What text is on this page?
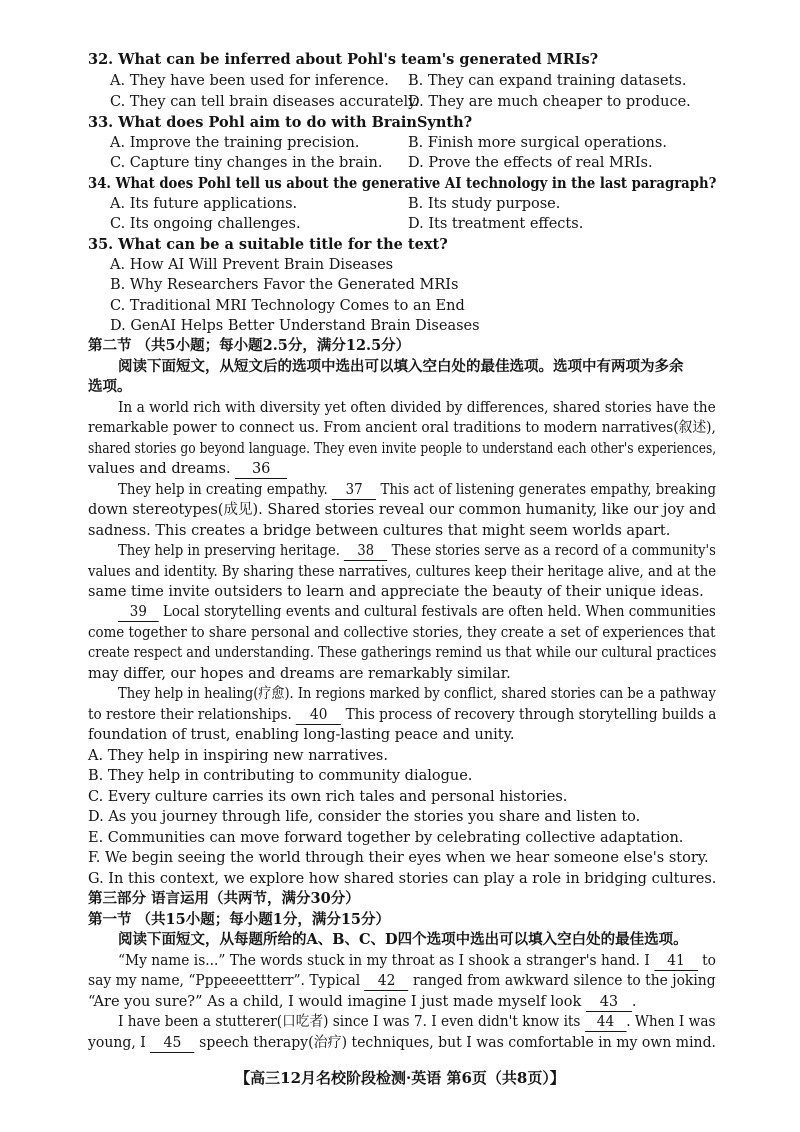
32. What can be inferred about Pohl's team's generated MRIs?
A. They have been used for inference. B. They can expand training datasets.
C. They can tell brain diseases accurately.
D. They are much cheaper to produce.
33. What does Pohl aim to do with BrainSynth?
A. Improve the training precision.	B. Finish more surgical operations.
C. Capture tiny changes in the brain. D. Prove the effects of real MRIs.
34. What does Pohl tell us about the generative AI technology in the last paragraph?
A. Its future applications.	B. Its study purpose.
C. Its ongoing challenges.	D. Its treatment effects.
35. What can be a suitable title for the text?
A. How AI Will Prevent Brain Diseases
B. Why Researchers Favor the Generated MRIs
C. Traditional MRI Technology Comes to an End
D. GenAI Helps Better Understand Brain Diseases
第二节 （共5小题；每小题2.5分，满分12.5分）
阅读下面短文，从短文后的选项中选出可以填入空白处的最佳选项。选项中有两项为多余
选项。
In a world rich with diversity yet often divided by differences, shared stories have the
remarkable power to connect us. From ancient oral traditions to modern narratives(叙述),
shared stories go beyond language. They even invite people to understand each other's experiences,
values and dreams. 36
They help in creating empathy. 37 This act of listening generates empathy, breaking
down stereotypes(成见). Shared stories reveal our common humanity, like our joy and
sadness. This creates a bridge between cultures that might seem worlds apart.
They help in preserving heritage. 38 These stories serve as a record of a community's
values and identity. By sharing these narratives, cultures keep their heritage alive, and at the
same time invite outsiders to learn and appreciate the beauty of their unique ideas.
39 Local storytelling events and cultural festivals are often held. When communities
come together to share personal and collective stories, they create a set of experiences that
create respect and understanding. These gatherings remind us that while our cultural practices
may differ, our hopes and dreams are remarkably similar.
They help in healing(疗愈). In regions marked by conflict, shared stories can be a pathway
to restore their relationships. 40 This process of recovery through storytelling builds a
foundation of trust, enabling long-lasting peace and unity.
A. They help in inspiring new narratives.
B. They help in contributing to community dialogue.
C. Every culture carries its own rich tales and personal histories.
D. As you journey through life, consider the stories you share and listen to.
E. Communities can move forward together by celebrating collective adaptation.
F. We begin seeing the world through their eyes when we hear someone else's story.
G. In this context, we explore how shared stories can play a role in bridging cultures.
第三部分 语言运用（共两节，满分30分）
第一节 （共15小题；每小题1分，满分15分）
阅读下面短文，从每题所给的A、B、C、D四个选项中选出可以填入空白处的最佳选项。
“My name is...” The words stuck in my throat as I shook a stranger's hand. I 41 to
say my name, “Pppeeeettterr”. Typical 42 ranged from awkward silence to the joking
“Are you sure?” As a child, I would imagine I just made myself look 43 .
I have been a stutterer(口吃者) since I was 7. I even didn't know its 44 . When I was
young, I 45 speech therapy(治疗) techniques, but I was comfortable in my own mind.
【高三12月名校阶段检测·英语 第6页（共8页）】
